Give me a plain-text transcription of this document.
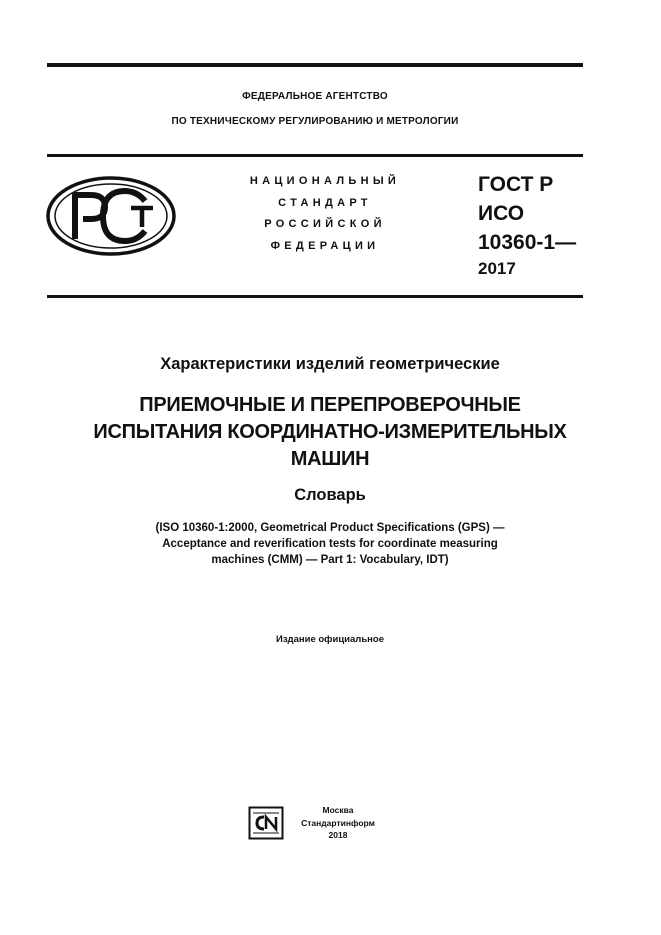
ФЕДЕРАЛЬНОЕ АГЕНТСТВО
ПО ТЕХНИЧЕСКОМУ РЕГУЛИРОВАНИЮ И МЕТРОЛОГИИ
НАЦИОНАЛЬНЫЙ
СТАНДАРТ
РОССИЙСКОЙ
ФЕДЕРАЦИИ
ГОСТ Р
ИСО
10360-1—
2017
Характеристики изделий геометрические
ПРИЕМОЧНЫЕ И ПЕРЕПРОВЕРОЧНЫЕ
ИСПЫТАНИЯ КООРДИНАТНО-ИЗМЕРИТЕЛЬНЫХ
МАШИН
Словарь
(ISO 10360-1:2000, Geometrical Product Specifications (GPS) —
Acceptance and reverification tests for coordinate measuring
machines (CMM) — Part 1: Vocabulary, IDT)
Издание официальное
Москва
Стандартинформ
2018
